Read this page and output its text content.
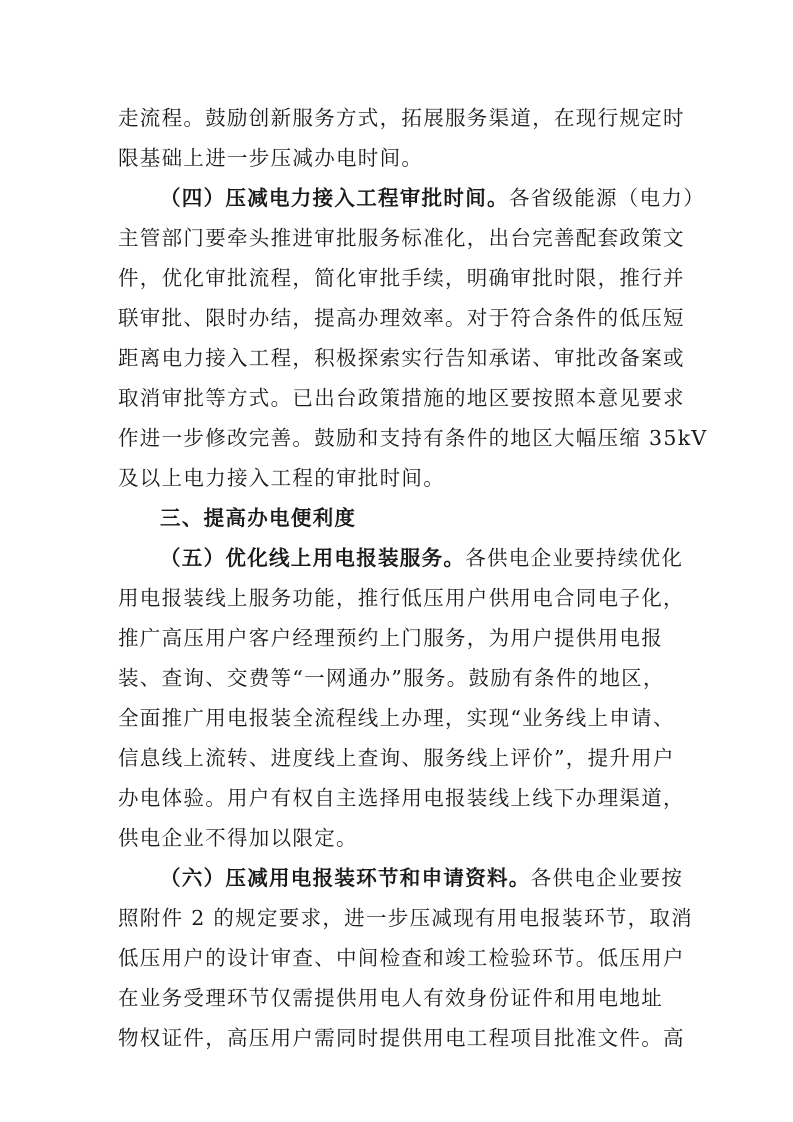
走流程。鼓励创新服务方式，拓展服务渠道，在现行规定时
限基础上进一步压减办电时间。
（四）压减电力接入工程审批时间。各省级能源（电力）
主管部门要牵头推进审批服务标准化，出台完善配套政策文
件，优化审批流程，简化审批手续，明确审批时限，推行并
联审批、限时办结，提高办理效率。对于符合条件的低压短
距离电力接入工程，积极探索实行告知承诺、审批改备案或
取消审批等方式。已出台政策措施的地区要按照本意见要求
作进一步修改完善。鼓励和支持有条件的地区大幅压缩 35kV
及以上电力接入工程的审批时间。
三、提高办电便利度
（五）优化线上用电报装服务。各供电企业要持续优化
用电报装线上服务功能，推行低压用户供用电合同电子化，
推广高压用户客户经理预约上门服务，为用户提供用电报
装、查询、交费等“一网通办”服务。鼓励有条件的地区，
全面推广用电报装全流程线上办理，实现“业务线上申请、
信息线上流转、进度线上查询、服务线上评价”，提升用户
办电体验。用户有权自主选择用电报装线上线下办理渠道，
供电企业不得加以限定。
（六）压减用电报装环节和申请资料。各供电企业要按
照附件 2 的规定要求，进一步压减现有用电报装环节，取消
低压用户的设计审查、中间检查和竣工检验环节。低压用户
在业务受理环节仅需提供用电人有效身份证件和用电地址
物权证件，高压用户需同时提供用电工程项目批准文件。高
